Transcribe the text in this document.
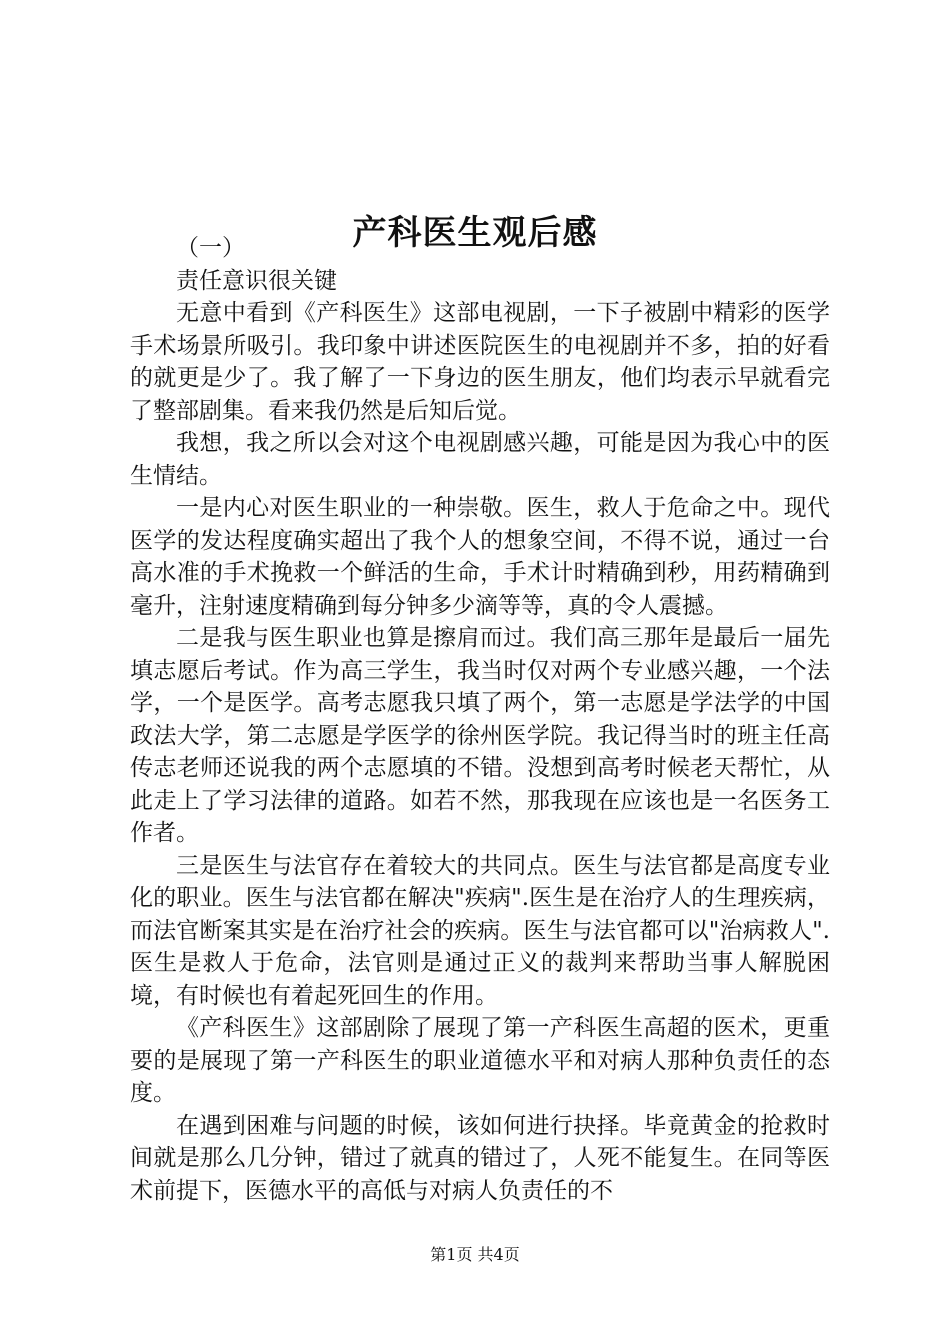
产科医生观后感

（一）

责任意识很关键

无意中看到《产科医生》这部电视剧，一下子被剧中精彩的医学手术场景所吸引。我印象中讲述医院医生的电视剧并不多，拍的好看的就更是少了。我了解了一下身边的医生朋友，他们均表示早就看完了整部剧集。看来我仍然是后知后觉。

我想，我之所以会对这个电视剧感兴趣，可能是因为我心中的医生情结。

一是内心对医生职业的一种崇敬。医生，救人于危命之中。现代医学的发达程度确实超出了我个人的想象空间，不得不说，通过一台高水准的手术挽救一个鲜活的生命，手术计时精确到秒，用药精确到毫升，注射速度精确到每分钟多少滴等等，真的令人震撼。

二是我与医生职业也算是擦肩而过。我们高三那年是最后一届先填志愿后考试。作为高三学生，我当时仅对两个专业感兴趣，一个法学，一个是医学。高考志愿我只填了两个，第一志愿是学法学的中国政法大学，第二志愿是学医学的徐州医学院。我记得当时的班主任高传志老师还说我的两个志愿填的不错。没想到高考时候老天帮忙，从此走上了学习法律的道路。如若不然，那我现在应该也是一名医务工作者。

三是医生与法官存在着较大的共同点。医生与法官都是高度专业化的职业。医生与法官都在解决"疾病".医生是在治疗人的生理疾病，而法官断案其实是在治疗社会的疾病。医生与法官都可以"治病救人".医生是救人于危命，法官则是通过正义的裁判来帮助当事人解脱困境，有时候也有着起死回生的作用。

《产科医生》这部剧除了展现了第一产科医生高超的医术，更重要的是展现了第一产科医生的职业道德水平和对病人那种负责任的态度。

在遇到困难与问题的时候，该如何进行抉择。毕竟黄金的抢救时间就是那么几分钟，错过了就真的错过了，人死不能复生。在同等医术前提下，医德水平的高低与对病人负责任的不

第1页 共4页
